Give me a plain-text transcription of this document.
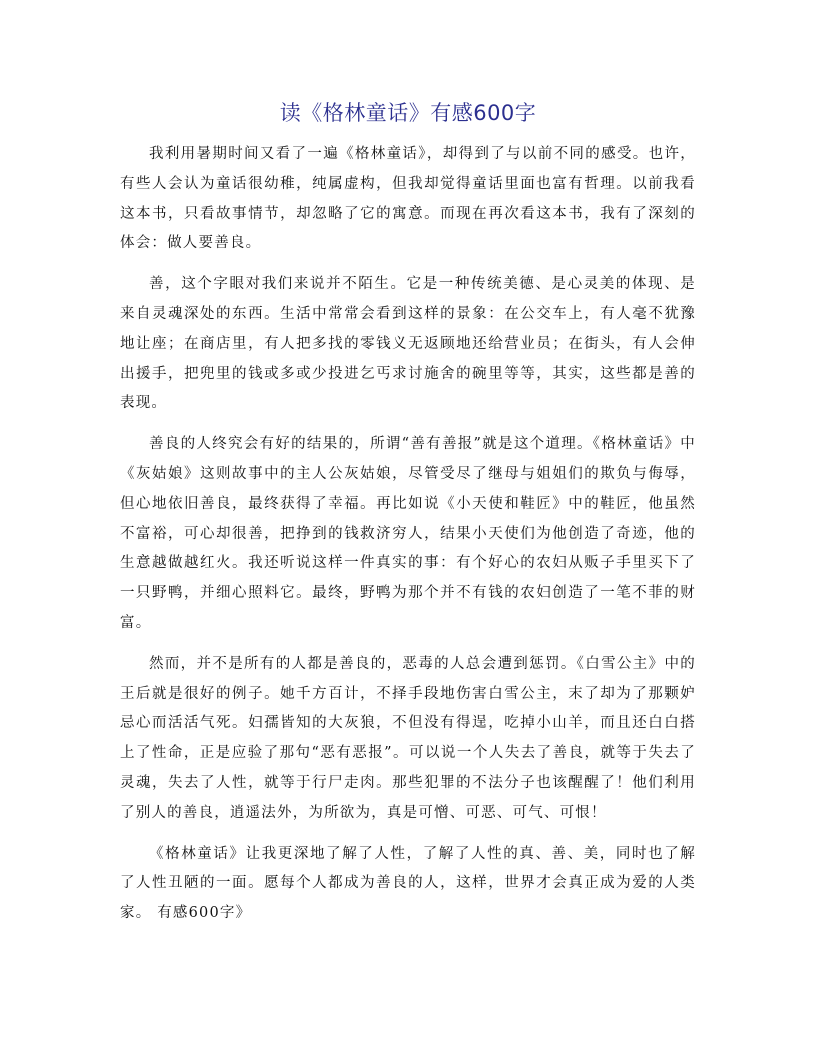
读《格林童话》有感600字

我利用暑期时间又看了一遍《格林童话》，却得到了与以前不同的感受。也许，有些人会认为童话很幼稚，纯属虚构，但我却觉得童话里面也富有哲理。以前我看这本书，只看故事情节，却忽略了它的寓意。而现在再次看这本书，我有了深刻的体会：做人要善良。

善，这个字眼对我们来说并不陌生。它是一种传统美德、是心灵美的体现、是来自灵魂深处的东西。生活中常常会看到这样的景象：在公交车上，有人毫不犹豫地让座；在商店里，有人把多找的零钱义无返顾地还给营业员；在街头，有人会伸出援手，把兜里的钱或多或少投进乞丐求讨施舍的碗里等等，其实，这些都是善的表现。

善良的人终究会有好的结果的，所谓“善有善报”就是这个道理。《格林童话》中《灰姑娘》这则故事中的主人公灰姑娘，尽管受尽了继母与姐姐们的欺负与侮辱，但心地依旧善良，最终获得了幸福。再比如说《小天使和鞋匠》中的鞋匠，他虽然不富裕，可心却很善，把挣到的钱救济穷人，结果小天使们为他创造了奇迹，他的生意越做越红火。我还听说这样一件真实的事：有个好心的农妇从贩子手里买下了一只野鸭，并细心照料它。最终，野鸭为那个并不有钱的农妇创造了一笔不菲的财富。

然而，并不是所有的人都是善良的，恶毒的人总会遭到惩罚。《白雪公主》中的王后就是很好的例子。她千方百计，不择手段地伤害白雪公主，末了却为了那颗妒忌心而活活气死。妇孺皆知的大灰狼，不但没有得逞，吃掉小山羊，而且还白白搭上了性命，正是应验了那句“恶有恶报”。可以说一个人失去了善良，就等于失去了灵魂，失去了人性，就等于行尸走肉。那些犯罪的不法分子也该醒醒了！他们利用了别人的善良，逍遥法外，为所欲为，真是可憎、可恶、可气、可恨！

《格林童话》让我更深地了解了人性，了解了人性的真、善、美，同时也了解了人性丑陋的一面。愿每个人都成为善良的人，这样，世界才会真正成为爱的人类家。 有感600字》
